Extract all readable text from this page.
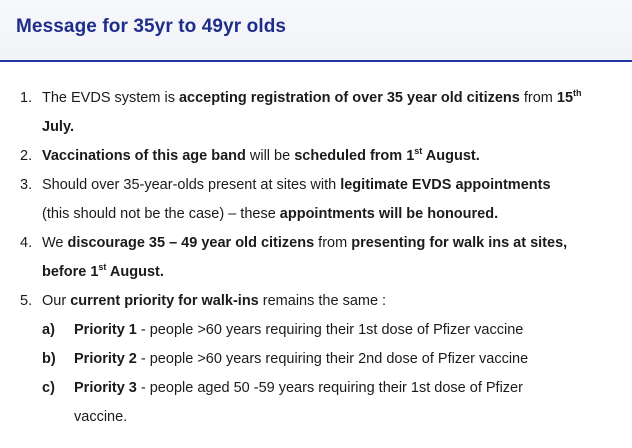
Message for 35yr to 49yr olds
1. The EVDS system is accepting registration of over 35 year old citizens from 15th
July.
2. Vaccinations of this age band will be scheduled from 1st August.
3. Should over 35-year-olds present at sites with legitimate EVDS appointments
(this should not be the case) – these appointments will be honoured.
4. We discourage 35 – 49 year old citizens from presenting for walk ins at sites,
before 1st August.
5. Our current priority for walk-ins remains the same :
a) Priority 1 - people >60 years requiring their 1st dose of Pfizer vaccine
b) Priority 2 - people >60 years requiring their 2nd dose of Pfizer vaccine
c) Priority 3 - people aged 50 -59 years requiring their 1st dose of Pfizer
vaccine.
